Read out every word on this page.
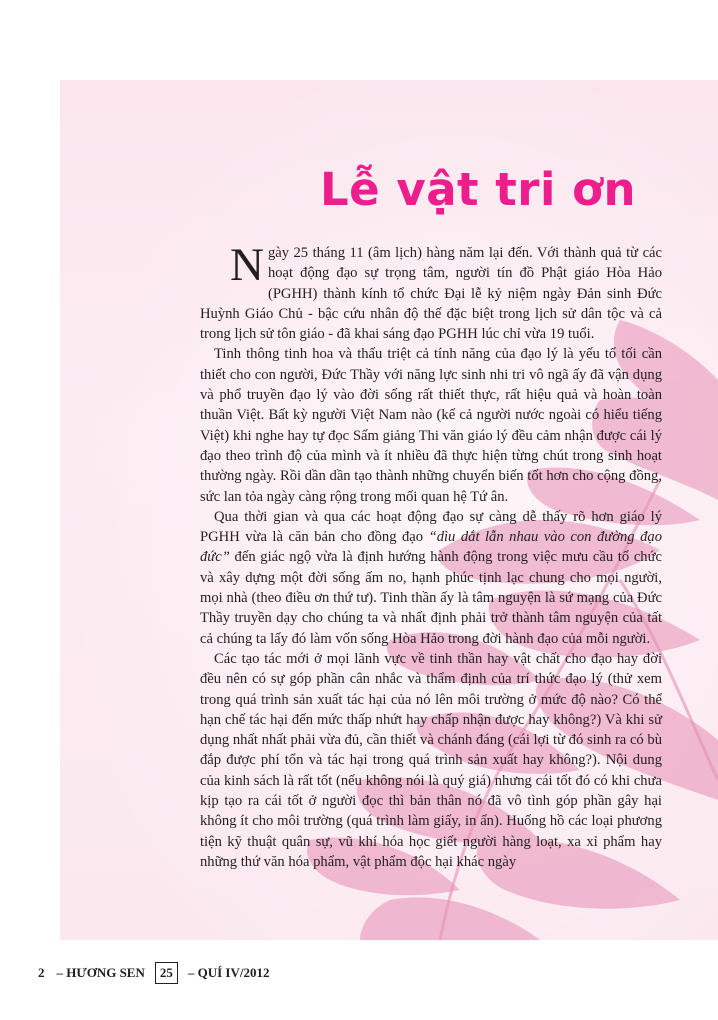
Lễ vật tri ơn

Ngày 25 tháng 11 (âm lịch) hàng năm lại đến. Với thành quả từ các hoạt động đạo sự trọng tâm, người tín đồ Phật giáo Hòa Hảo (PGHH) thành kính tổ chức Đại lễ kỷ niệm ngày Đản sinh Đức Huỳnh Giáo Chủ - bậc cứu nhân độ thế đặc biệt trong lịch sử dân tộc và cả trong lịch sử tôn giáo - đã khai sáng đạo PGHH lúc chỉ vừa 19 tuổi.

Tinh thông tinh hoa và thấu triệt cả tính năng của đạo lý là yếu tố tối cần thiết cho con người, Đức Thầy với năng lực sinh nhi tri vô ngã ấy đã vận dụng và phổ truyền đạo lý vào đời sống rất thiết thực, rất hiệu quả và hoàn toàn thuần Việt. Bất kỳ người Việt Nam nào (kể cả người nước ngoài có hiểu tiếng Việt) khi nghe hay tự đọc Sấm giảng Thi văn giáo lý đều cảm nhận được cái lý đạo theo trình độ của mình và ít nhiều đã thực hiện từng chút trong sinh hoạt thường ngày. Rồi dần dần tạo thành những chuyển biến tốt hơn cho cộng đồng, sức lan tỏa ngày càng rộng trong mối quan hệ Tứ ân.

Qua thời gian và qua các hoạt động đạo sự càng dễ thấy rõ hơn giáo lý PGHH vừa là căn bản cho đồng đạo “dìu dắt lẫn nhau vào con đường đạo đức” đến giác ngộ vừa là định hướng hành động trong việc mưu cầu tổ chức và xây dựng một đời sống ấm no, hạnh phúc tịnh lạc chung cho mọi người, mọi nhà (theo điều ơn thứ tư). Tinh thần ấy là tâm nguyện là sứ mạng của Đức Thầy truyền dạy cho chúng ta và nhất định phải trở thành tâm nguyện của tất cả chúng ta lấy đó làm vốn sống Hòa Hảo trong đời hành đạo của mỗi người.

Các tạo tác mới ở mọi lãnh vực về tinh thần hay vật chất cho đạo hay đời đều nên có sự góp phần cân nhắc và thẩm định của trí thức đạo lý (thử xem trong quá trình sản xuất tác hại của nó lên môi trường ở mức độ nào? Có thể hạn chế tác hại đến mức thấp nhứt hay chấp nhận được hay không?) Và khi sử dụng nhất nhất phải vừa đủ, cần thiết và chánh đáng (cái lợi từ đó sinh ra có bù đắp được phí tổn và tác hại trong quá trình sản xuất hay không?). Nội dung của kinh sách là rất tốt (nếu không nói là quý giá) nhưng cái tốt đó có khi chưa kịp tạo ra cái tốt ở người đọc thì bản thân nó đã vô tình góp phần gây hại không ít cho môi trường (quá trình làm giấy, in ấn). Huống hồ các loại phương tiện kỹ thuật quân sự, vũ khí hóa học giết người hàng loạt, xa xỉ phẩm hay những thứ văn hóa phẩm, vật phẩm độc hại khác ngày

2 – HƯƠNG SEN 25 – QUÍ IV/2012
